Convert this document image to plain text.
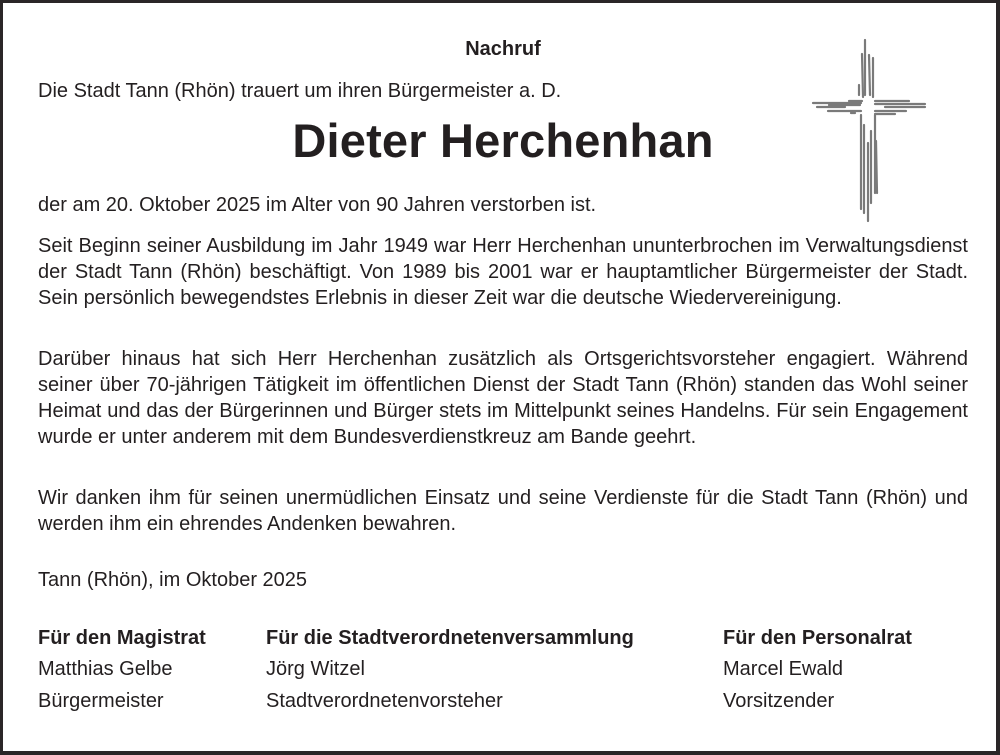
Nachruf
Die Stadt Tann (Rhön) trauert um ihren Bürgermeister a. D.
Dieter Herchenhan
der am 20. Oktober 2025 im Alter von 90 Jahren verstorben ist.

Seit Beginn seiner Ausbildung im Jahr 1949 war Herr Herchenhan ununterbrochen im Verwaltungsdienst der Stadt Tann (Rhön) beschäftigt. Von 1989 bis 2001 war er hauptamtlicher Bürgermeister der Stadt. Sein persönlich bewegendstes Erlebnis in dieser Zeit war die deutsche Wiedervereinigung.

Darüber hinaus hat sich Herr Herchenhan zusätzlich als Ortsgerichtsvorsteher engagiert. Während seiner über 70-jährigen Tätigkeit im öffentlichen Dienst der Stadt Tann (Rhön) standen das Wohl seiner Heimat und das der Bürgerinnen und Bürger stets im Mittelpunkt seines Handelns. Für sein Engagement wurde er unter anderem mit dem Bundesverdienstkreuz am Bande geehrt.

Wir danken ihm für seinen unermüdlichen Einsatz und seine Verdienste für die Stadt Tann (Rhön) und werden ihm ein ehrendes Andenken bewahren.

Tann (Rhön), im Oktober 2025
Für den Magistrat
Matthias Gelbe
Bürgermeister
Für die Stadtverordnetenversammlung
Jörg Witzel
Stadtverordnetenvorsteher
Für den Personalrat
Marcel Ewald
Vorsitzender
